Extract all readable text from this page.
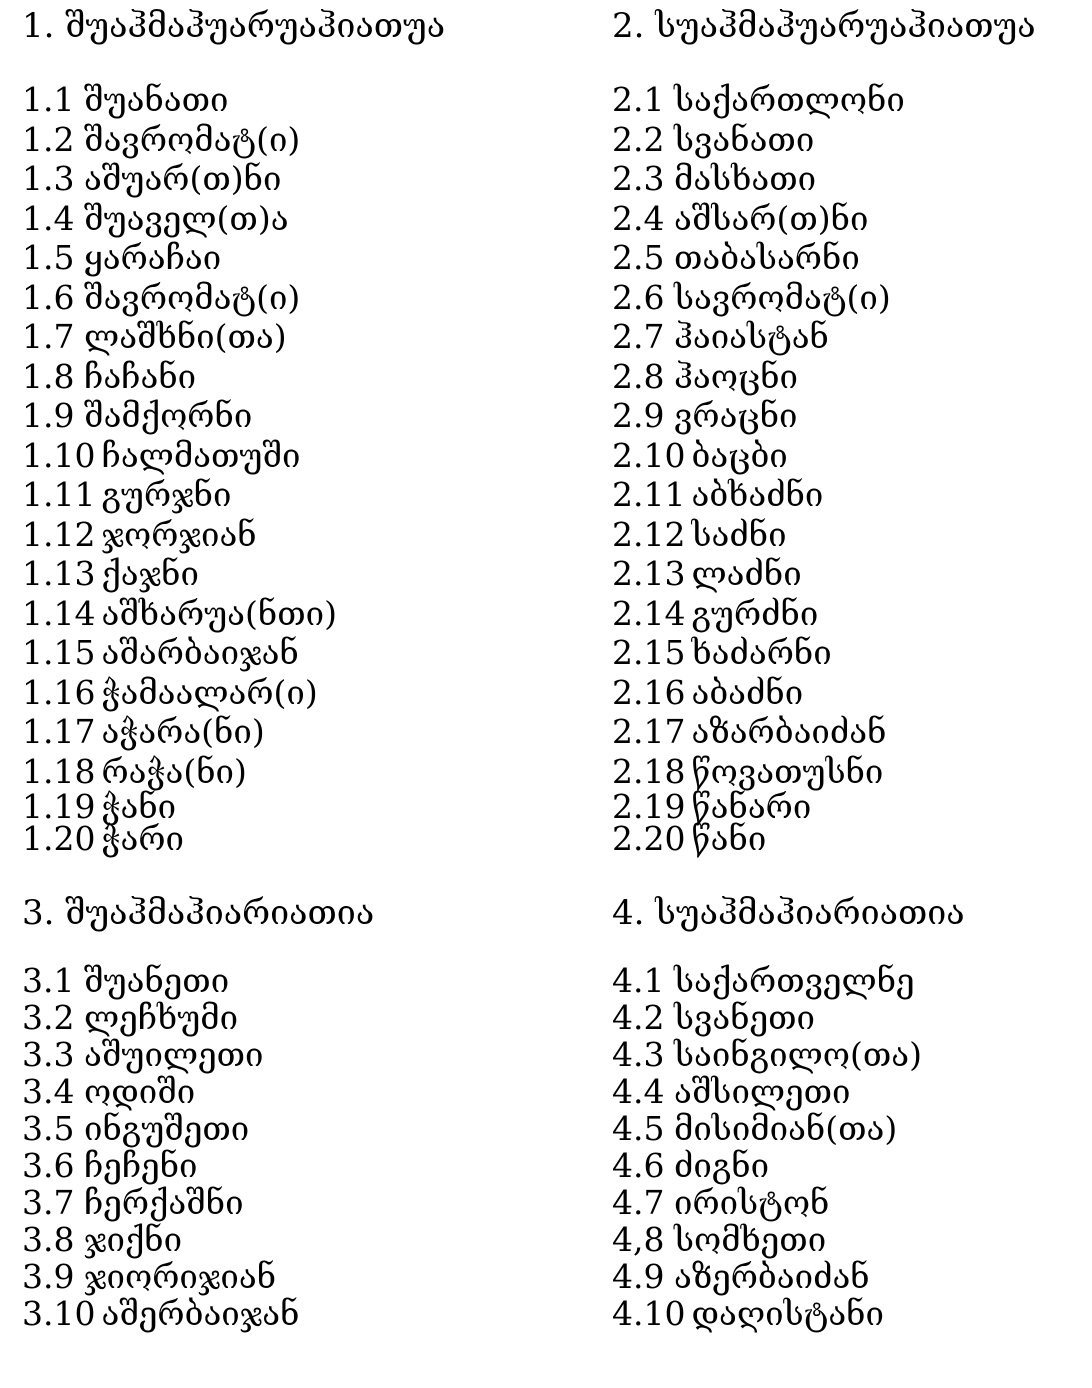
1. შუაჰმაჰუარუაჰიათუა
1.1 შუანათი
1.2 შავრომატ(ი)
1.3 აშუარ(თ)ნი
1.4 შუაველ(თ)ა
1.5 ყარაჩაი
1.6 შავრომატ(ი)
1.7 ლაშხნი(თა)
1.8 ჩაჩანი
1.9 შამქორნი
1.10 ჩალმათუში
1.11 გურჯნი
1.12 ჯორჯიან
1.13 ქაჯნი
1.14 აშხარუა(ნთი)
1.15 აშარბაიჯან
1.16 ჭამაალარ(ი)
1.17 აჭარა(ნი)
1.18 რაჭა(ნი)
1.19 ჭანი
1.20 ჭარი
2. სუაჰმაჰუარუაჰიათუა
2.1 საქართლონი
2.2 სვანათი
2.3 მასხათი
2.4 აშსარ(თ)ნი
2.5 თაბასარნი
2.6 სავრომატ(ი)
2.7 ჰაიასტან
2.8 ჰაოცნი
2.9 ვრაცნი
2.10 ბაცბი
2.11 აბხაძნი
2.12 საძნი
2.13 ლაძნი
2.14 გურძნი
2.15 ხაძარნი
2.16 აბაძნი
2.17 აზარბაიძან
2.18 წოვათუსნი
2.19 წანარი
2.20 წანი
3. შუაჰმაჰიარიათია
3.1 შუანეთი
3.2 ლეჩხუმი
3.3 აშუილეთი
3.4 ოდიში
3.5 ინგუშეთი
3.6 ჩეჩენი
3.7 ჩერქაშნი
3.8 ჯიქნი
3.9 ჯიორიჯიან
3.10 აშერბაიჯან
4. სუაჰმაჰიარიათია
4.1 საქართველნე
4.2 სვანეთი
4.3 საინგილო(თა)
4.4 აშსილეთი
4.5 მისიმიან(თა)
4.6 ძიგნი
4.7 ირისტონ
4,8 სომხეთი
4.9 აზერბაიძან
4.10 დაღისტანი
